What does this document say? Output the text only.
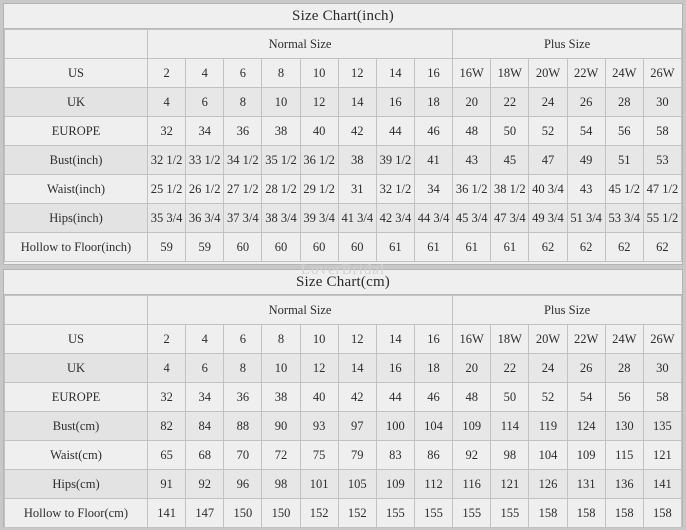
Size Chart(inch)
	Normal Size								Plus Size					
US	2	4	6	8	10	12	14	16	16W	18W	20W	22W	24W	26W
UK	4	6	8	10	12	14	16	18	20	22	24	26	28	30
EUROPE	32	34	36	38	40	42	44	46	48	50	52	54	56	58
Bust(inch)	32 1/2	33 1/2	34 1/2	35 1/2	36 1/2	38	39 1/2	41	43	45	47	49	51	53
Waist(inch)	25 1/2	26 1/2	27 1/2	28 1/2	29 1/2	31	32 1/2	34	36 1/2	38 1/2	40 3/4	43	45 1/2	47 1/2
Hips(inch)	35 3/4	36 3/4	37 3/4	38 3/4	39 3/4	41 3/4	42 3/4	44 3/4	45 3/4	47 3/4	49 3/4	51 3/4	53 3/4	55 1/2
Hollow to Floor(inch)	59	59	60	60	60	60	61	61	61	61	62	62	62	62
LoverBridal
Size Chart(cm)
	Normal Size								Plus Size					
US	2	4	6	8	10	12	14	16	16W	18W	20W	22W	24W	26W
UK	4	6	8	10	12	14	16	18	20	22	24	26	28	30
EUROPE	32	34	36	38	40	42	44	46	48	50	52	54	56	58
Bust(cm)	82	84	88	90	93	97	100	104	109	114	119	124	130	135
Waist(cm)	65	68	70	72	75	79	83	86	92	98	104	109	115	121
Hips(cm)	91	92	96	98	101	105	109	112	116	121	126	131	136	141
Hollow to Floor(cm)	141	147	150	150	152	152	155	155	155	155	158	158	158	158
